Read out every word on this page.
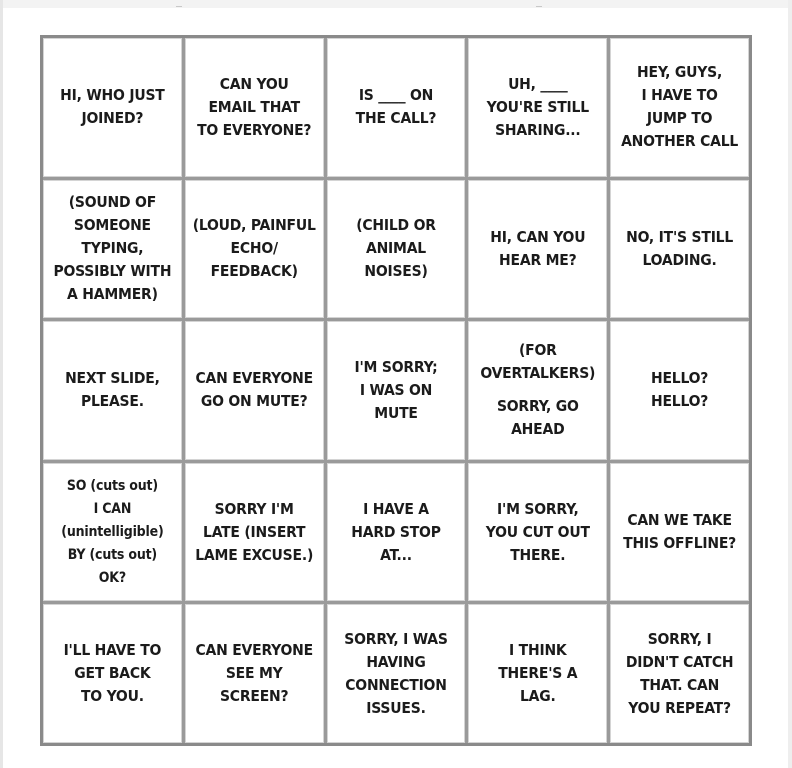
HI, WHO JUST
JOINED?
CAN YOU
EMAIL THAT
TO EVERYONE?
IS ____ ON
THE CALL?
UH, ____
YOU'RE STILL
SHARING...
HEY, GUYS,
I HAVE TO
JUMP TO
ANOTHER CALL
(SOUND OF
SOMEONE
TYPING,
POSSIBLY WITH
A HAMMER)
(LOUD, PAINFUL
ECHO/
FEEDBACK)
(CHILD OR
ANIMAL
NOISES)
HI, CAN YOU
HEAR ME?
NO, IT'S STILL
LOADING.
NEXT SLIDE,
PLEASE.
CAN EVERYONE
GO ON MUTE?
I'M SORRY;
I WAS ON
MUTE
(FOR
OVERTALKERS)
SORRY, GO
AHEAD
HELLO?
HELLO?
SO (cuts out)
I CAN
(unintelligible)
BY (cuts out)
OK?
SORRY I'M
LATE (INSERT
LAME EXCUSE.)
I HAVE A
HARD STOP
AT...
I'M SORRY,
YOU CUT OUT
THERE.
CAN WE TAKE
THIS OFFLINE?
I'LL HAVE TO
GET BACK
TO YOU.
CAN EVERYONE
SEE MY
SCREEN?
SORRY, I WAS
HAVING
CONNECTION
ISSUES.
I THINK
THERE'S A
LAG.
SORRY, I
DIDN'T CATCH
THAT. CAN
YOU REPEAT?
